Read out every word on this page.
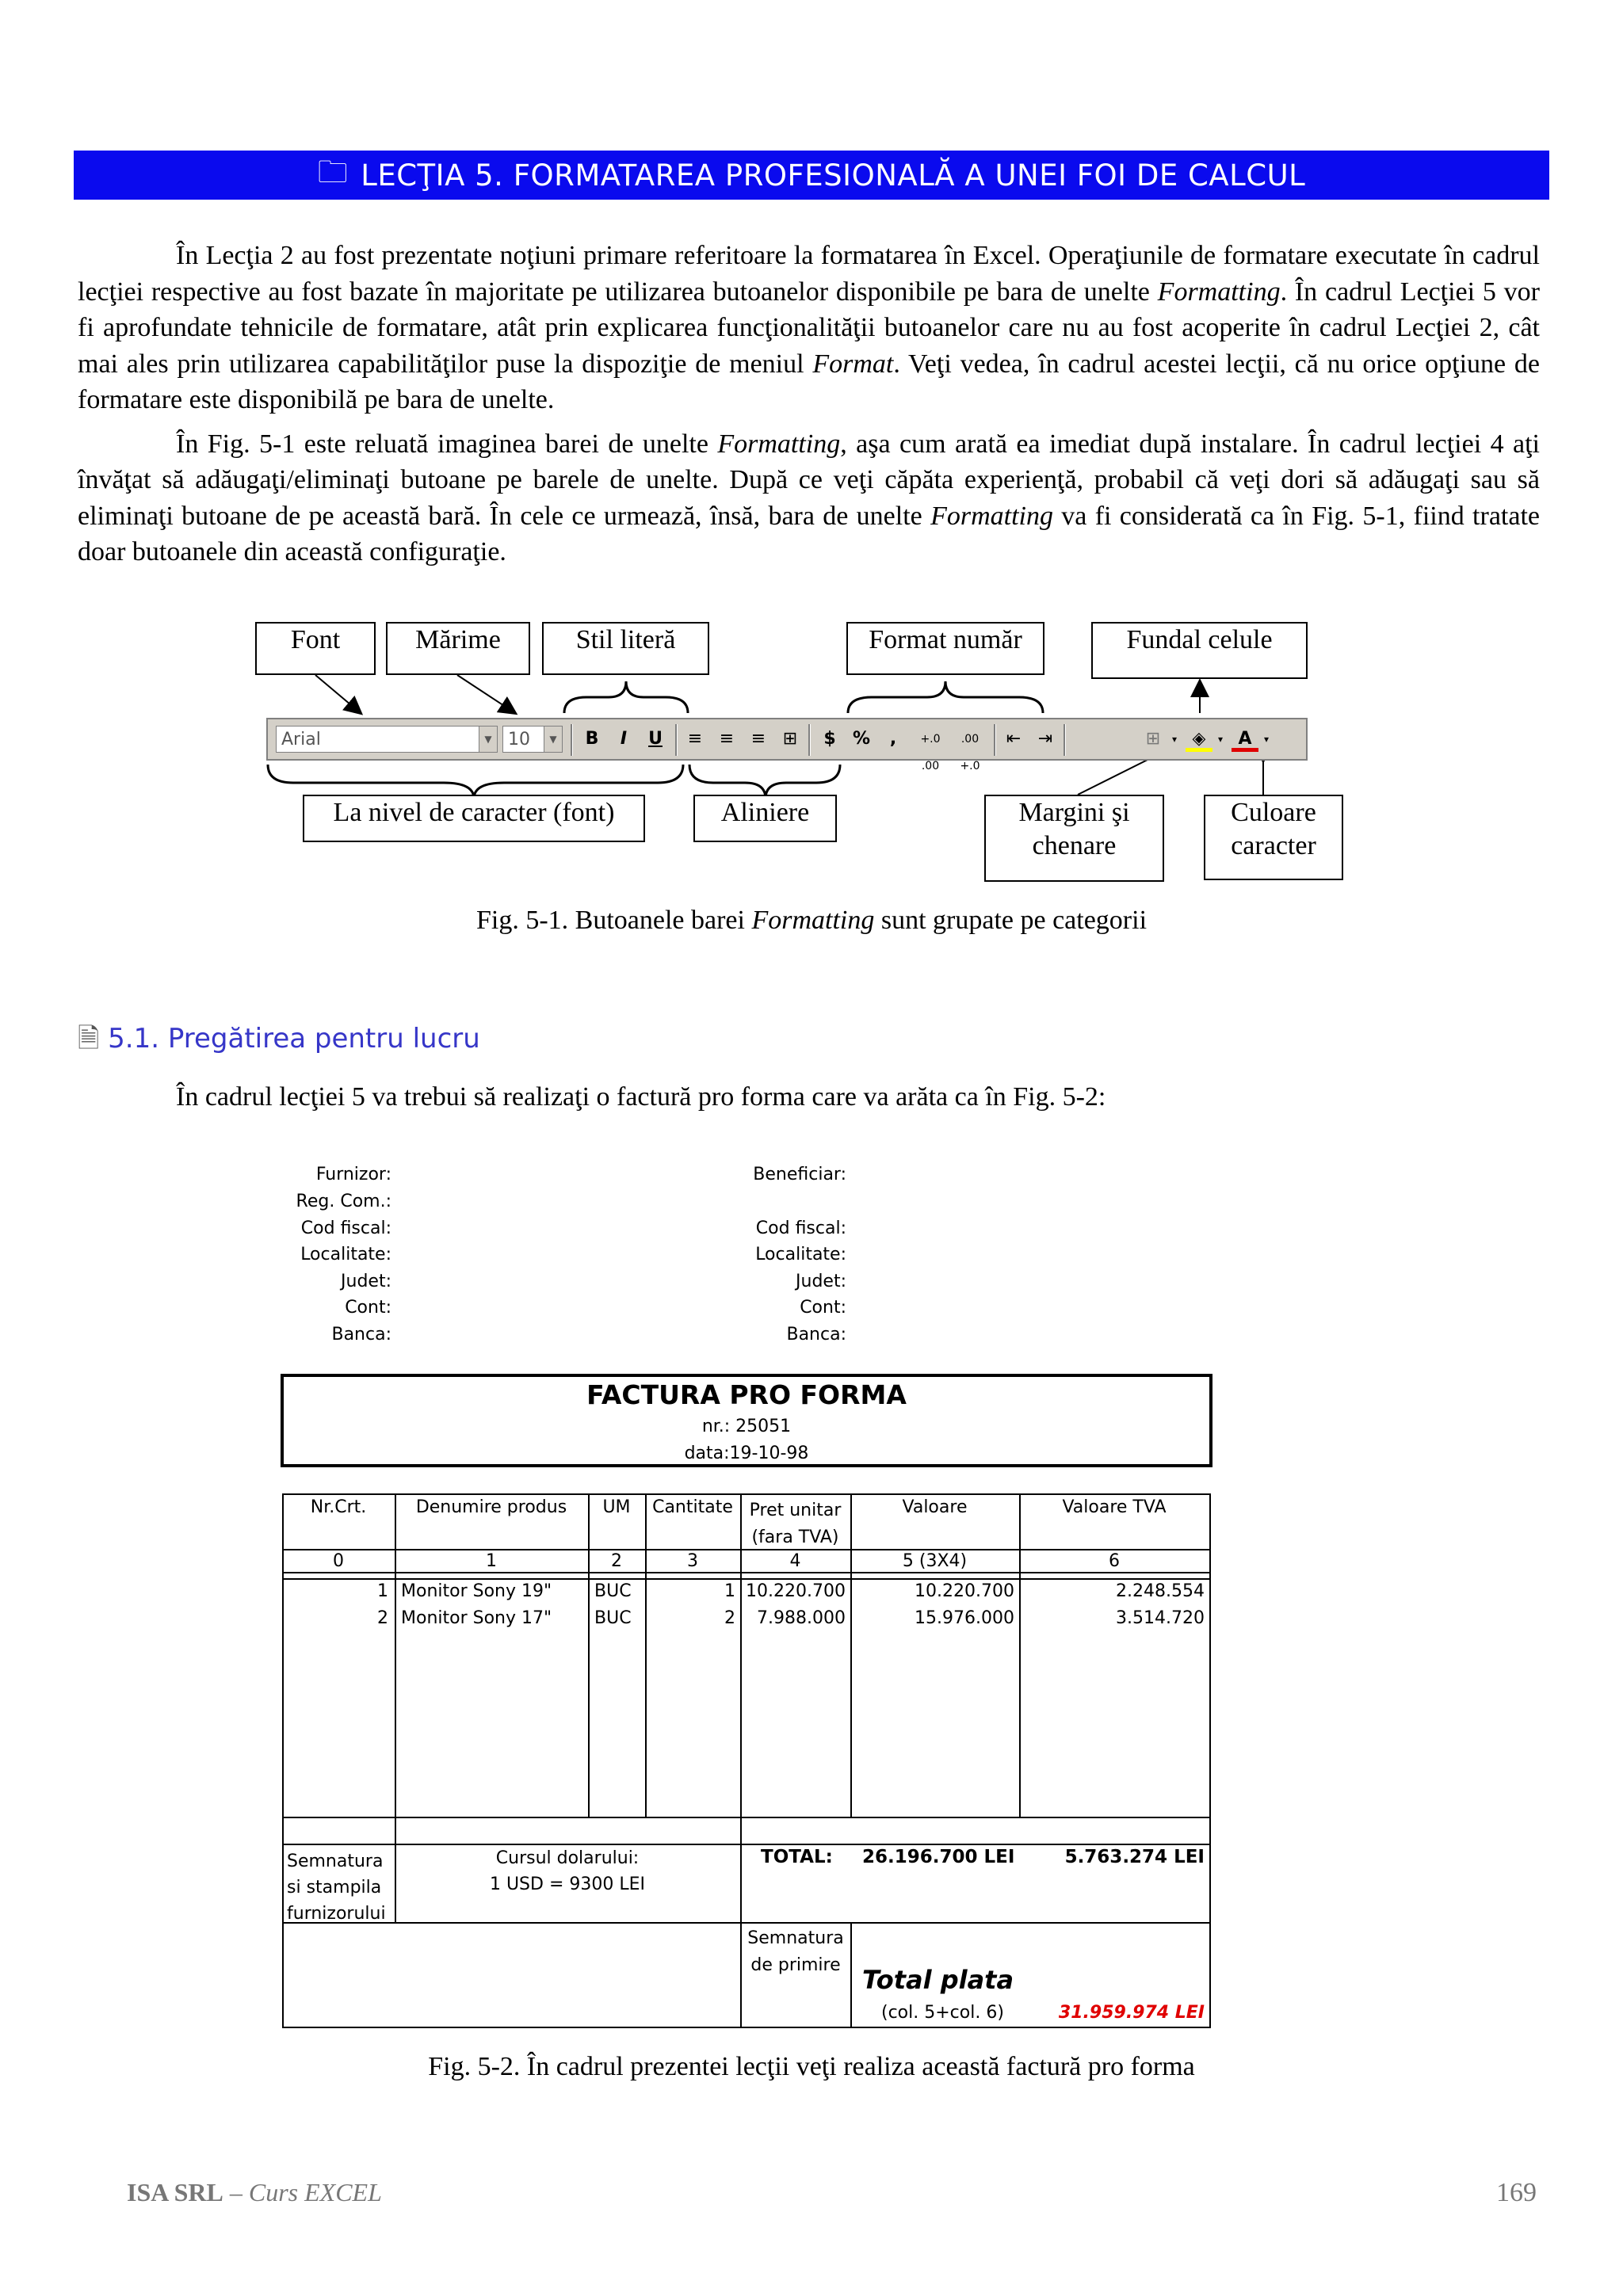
🗀 LECŢIA 5. FORMATAREA PROFESIONALĂ A UNEI FOI DE CALCUL

În Lecţia 2 au fost prezentate noţiuni primare referitoare la formatarea în Excel. Operaţiunile de formatare executate în cadrul lecţiei respective au fost bazate în majoritate pe utilizarea butoanelor disponibile pe bara de unelte Formatting. În cadrul Lecţiei 5 vor fi aprofundate tehnicile de formatare, atât prin explicarea funcţionalităţii butoanelor care nu au fost acoperite în cadrul Lecţiei 2, cât mai ales prin utilizarea capabilităţilor puse la dispoziţie de meniul Format. Veţi vedea, în cadrul acestei lecţii, că nu orice opţiune de formatare este disponibilă pe bara de unelte.

În Fig. 5-1 este reluată imaginea barei de unelte Formatting, aşa cum arată ea imediat după instalare. În cadrul lecţiei 4 aţi învăţat să adăugaţi/eliminaţi butoane pe barele de unelte. După ce veţi căpăta experienţă, probabil că veţi dori să adăugaţi sau să eliminaţi butoane de pe această bară. În cele ce urmează, însă, bara de unelte Formatting va fi considerată ca în Fig. 5-1, fiind tratate doar butoanele din această configuraţie.

Font	Mărime	Stil literă	Format număr	Fundal celule
Arial	▼ 10	▼	B	I	U	≡ ≡ ≡ ⊞	$ %	,	+.0 .00
.00 +.0
⇤ ⇥	⊞	▾ ◈	▾ A	▾
La nivel de caracter (font)	Aliniere	Margini şi chenare
Culoare caracter
Fig. 5-1. Butoanele barei Formatting sunt grupate pe categorii
🗎 5.1. Pregătirea pentru lucru
În cadrul lecţiei 5 va trebui să realizaţi o factură pro forma care va arăta ca în Fig. 5-2:
Furnizor:
Reg. Com.:
Cod fiscal:
Localitate:
Judet:
Cont:
Banca:
Beneficiar:
Cod fiscal:
Localitate:
Judet:
Cont:
Banca:
FACTURA PRO FORMA
nr.: 25051
data:19-10-98
Nr.Crt.	Denumire produs	UM	Cantitate Pret unitar (fara TVA)
Valoare	Valoare TVA
0	1	2	3	4	5 (3X4)	6
1 Monitor Sony 19"	BUC	1 10.220.700	10.220.700	2.248.554
2 Monitor Sony 17"	BUC	2	7.988.000	15.976.000	3.514.720
Semnatura si stampila furnizorului
Cursul dolarului:
1 USD = 9300 LEI
TOTAL: 26.196.700 LEI	5.763.274 LEI
Semnatura de primire Total plata
(col. 5+col. 6)	31.959.974 LEI
Fig. 5-2. În cadrul prezentei lecţii veţi realiza această factură pro forma
ISA SRL – Curs EXCEL	169
